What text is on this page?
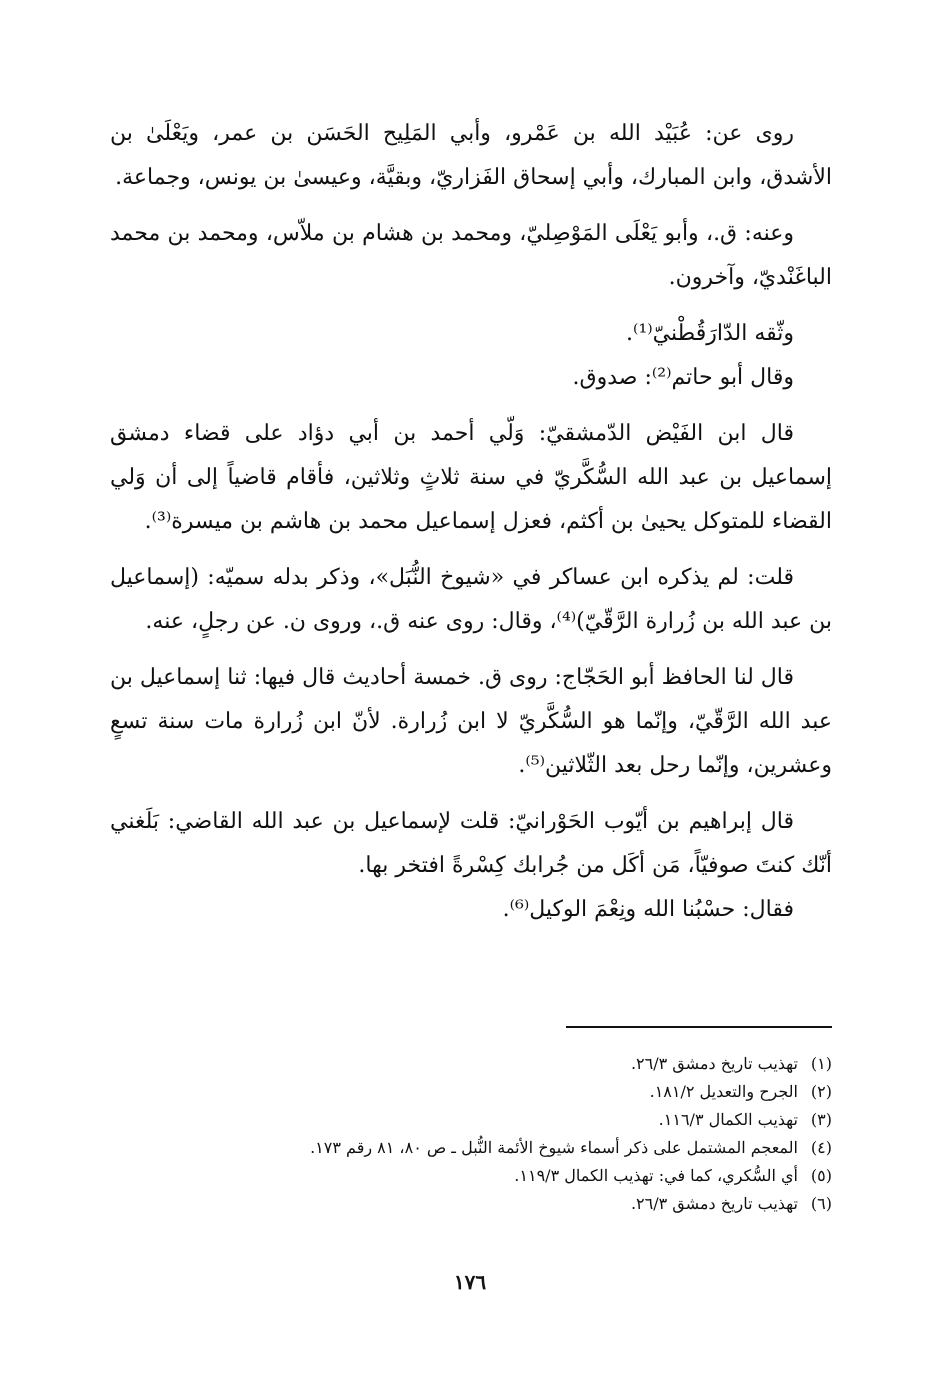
روى عن: عُبَيْد الله بن عَمْرو، وأبي المَلِيح الحَسَن بن عمر، ويَعْلَىٰ بن الأشدق، وابن المبارك، وأبي إسحاق الفَزاريّ، وبقيَّة، وعيسىٰ بن يونس، وجماعة.

وعنه: ق.، وأبو يَعْلَى المَوْصِليّ، ومحمد بن هشام بن ملاّس، ومحمد بن محمد الباغَنْديّ، وآخرون.

وثّقه الدّارَقُطْنيّ⁽¹⁾.

وقال أبو حاتم⁽²⁾: صدوق.

قال ابن الفَيْض الدّمشقيّ: وَلّي أحمد بن أبي دؤاد على قضاء دمشق إسماعيل بن عبد الله السُّكَّريّ في سنة ثلاثٍ وثلاثين، فأقام قاضياً إلى أن وَلي القضاء للمتوكل يحيىٰ بن أكثم، فعزل إسماعيل محمد بن هاشم بن ميسرة⁽³⁾.

قلت: لم يذكره ابن عساكر في «شيوخ النُّبَل»، وذكر بدله سميّه: (إسماعيل بن عبد الله بن زُرارة الرَّقّيّ)⁽⁴⁾، وقال: روى عنه ق.، وروى ن. عن رجلٍ، عنه.

قال لنا الحافظ أبو الحَجّاج: روى ق. خمسة أحاديث قال فيها: ثنا إسماعيل بن عبد الله الرَّقّيّ، وإنّما هو السُّكَّريّ لا ابن زُرارة. لأنّ ابن زُرارة مات سنة تسعٍ وعشرين، وإنّما رحل بعد الثّلاثين⁽⁵⁾.

قال إبراهيم بن أيّوب الحَوْرانيّ: قلت لإسماعيل بن عبد الله القاضي: بَلَغني أنّك كنتَ صوفيّاً، مَن أكَل من جُرابك كِسْرةً افتخر بها.

فقال: حسْبُنا الله ونِعْمَ الوكيل⁽⁶⁾.

(١)تهذيب تاريخ دمشق ٢٦/٣.
(٢)الجرح والتعديل ١٨١/٢.
(٣)تهذيب الكمال ١١٦/٣.
(٤)المعجم المشتمل على ذكر أسماء شيوخ الأئمة النُّبل ـ ص ٨٠، ٨١ رقم ١٧٣.
(٥)أي السُّكري، كما في: تهذيب الكمال ١١٩/٣.
(٦)تهذيب تاريخ دمشق ٢٦/٣.
١٧٦
